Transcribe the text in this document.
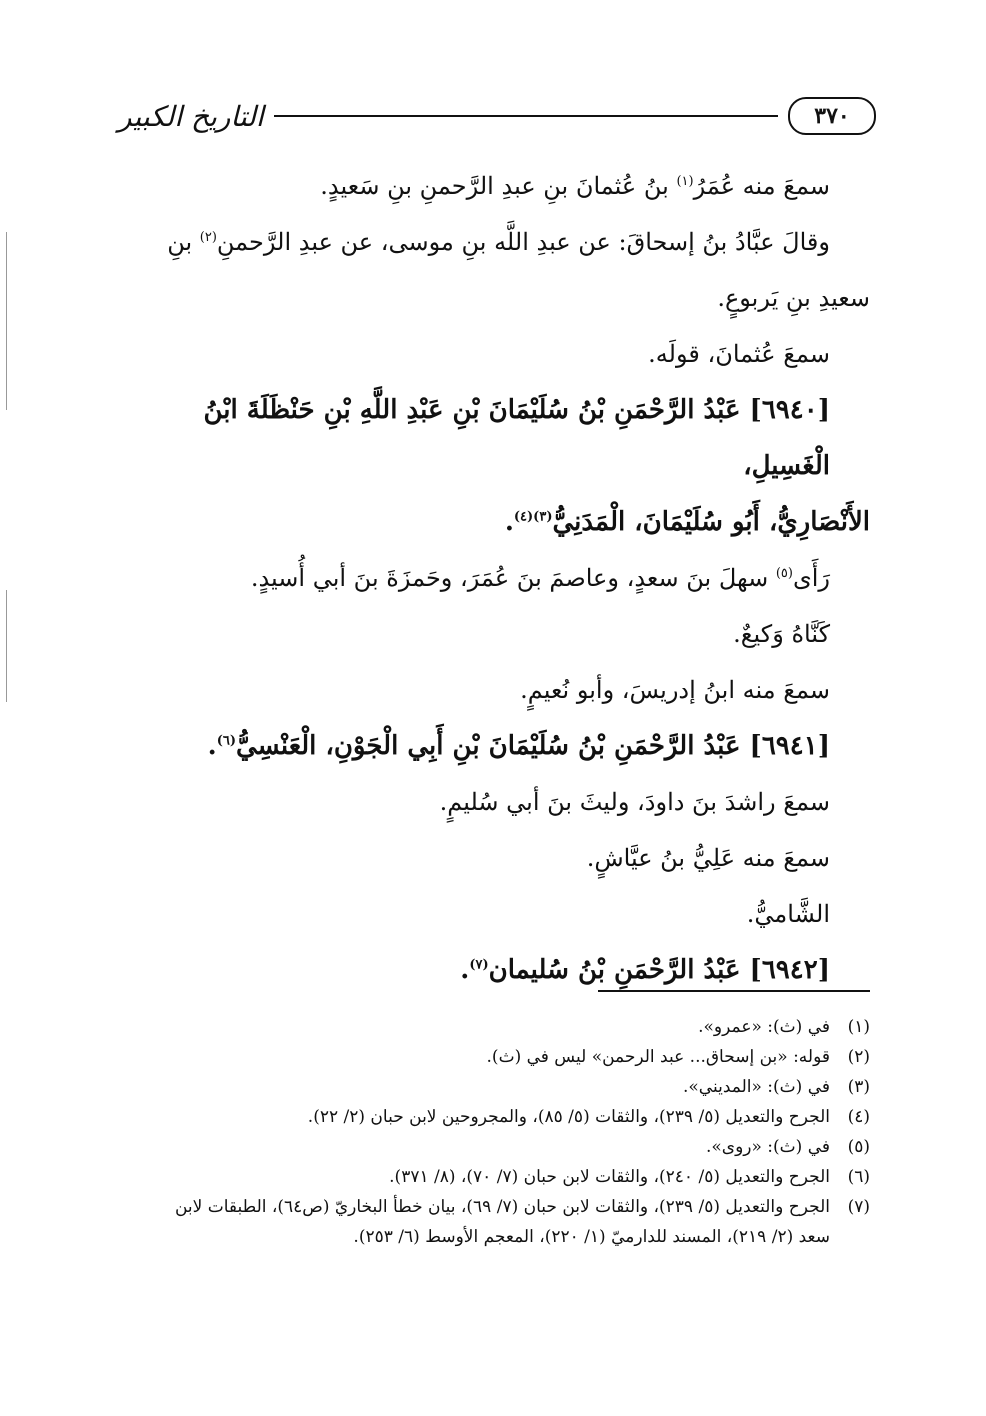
٣٧٠
التاريخ الكبير

سمعَ منه عُمَرُ$^{(١)}$ بنُ عُثمانَ بنِ عبدِ الرَّحمنِ بنِ سَعيدٍ.

وقالَ عبَّادُ بنُ إسحاقَ: عن عبدِ اللَّه بنِ موسى، عن عبدِ الرَّحمنِ$^{(٢)}$ بنِ

سعيدِ بنِ يَربوعٍ.

سمعَ عُثمانَ، قولَه.

[٦٩٤٠] عَبْدُ الرَّحْمَنِ بْنُ سُلَيْمَانَ بْنِ عَبْدِ اللَّهِ بْنِ حَنْظَلَةَ ابْنُ الْغَسِيلِ،

الأَنْصَارِيُّ، أَبُو سُلَيْمَانَ، الْمَدَنِيُّ$^{(٣)(٤)}$.

رَأَى$^{(٥)}$ سهلَ بنَ سعدٍ، وعاصمَ بنَ عُمَرَ، وحَمزَةَ بنَ أبي أُسيدٍ.

كَنَّاهُ وَكيعٌ.

سمعَ منه ابنُ إدريسَ، وأبو نُعيمٍ.

[٦٩٤١] عَبْدُ الرَّحْمَنِ بْنُ سُلَيْمَانَ بْنِ أَبِي الْجَوْنِ، الْعَنْسِيُّ$^{(٦)}$.

سمعَ راشدَ بنَ داودَ، وليثَ بنَ أبي سُليمٍ.

سمعَ منه عَلِيُّ بنُ عيَّاشٍ.

الشَّاميُّ.

[٦٩٤٢] عَبْدُ الرَّحْمَنِ بْنُ سُليمان$^{(٧)}$.

(١)
في (ث): «عمرو».
(٢)
قوله: «بن إسحاق... عبد الرحمن» ليس في (ث).
(٣)
في (ث): «المديني».
(٤)
الجرح والتعديل (٥/ ٢٣٩)، والثقات (٥/ ٨٥)، والمجروحين لابن حبان (٢/ ٢٢).
(٥)
في (ث): «روى».
(٦)
الجرح والتعديل (٥/ ٢٤٠)، والثقات لابن حبان (٧/ ٧٠)، (٨/ ٣٧١).
(٧)
الجرح والتعديل (٥/ ٢٣٩)، والثقات لابن حبان (٧/ ٦٩)، بيان خطأ البخاريّ (ص٦٤)، الطبقات لابن سعد (٢/ ٢١٩)، المسند للدارميّ (١/ ٢٢٠)، المعجم الأوسط (٦/ ٢٥٣).
